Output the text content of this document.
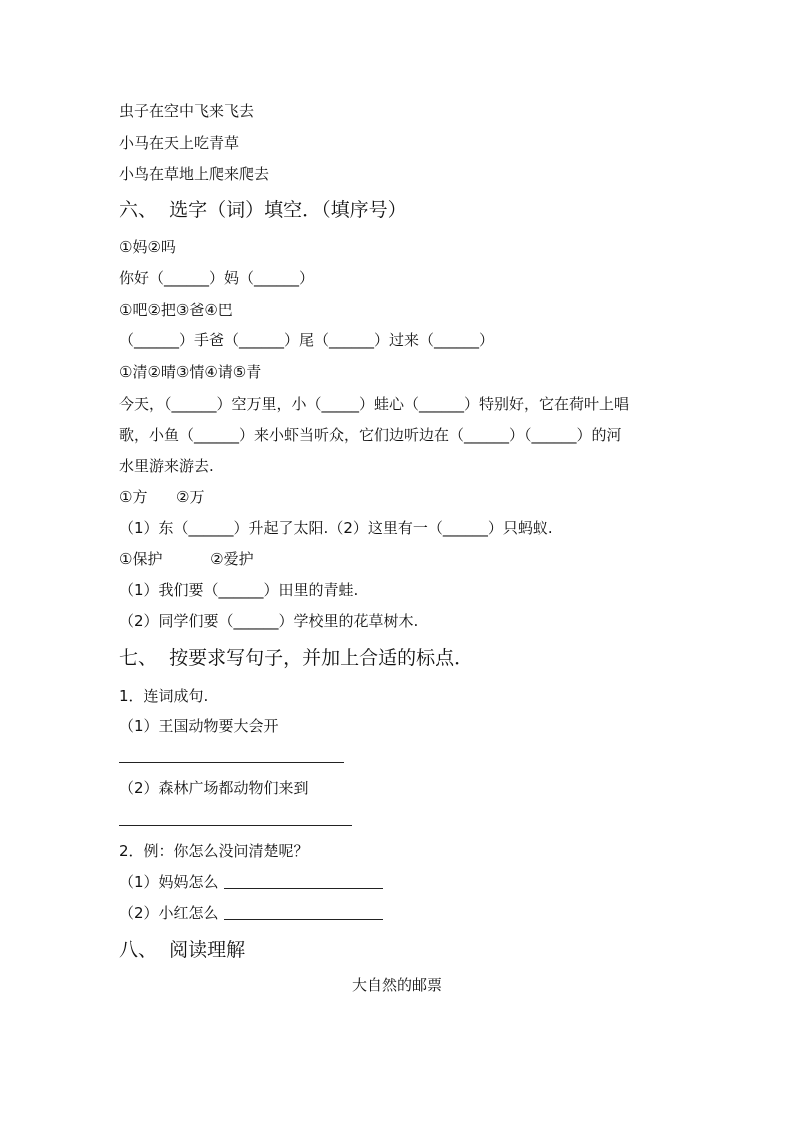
虫子在空中飞来飞去
小马在天上吃青草
小鸟在草地上爬来爬去
六、  选字（词）填空．（填序号）
①妈②吗
你好（______）妈（______）
①吧②把③爸④巴
（______）手爸（______）尾（______）过来（______）
①清②晴③情④请⑤青
今天，（______）空万里，小（_____）蛙心（______）特别好，它在荷叶上唱
歌，小鱼（______）来小虾当听众，它们边听边在（______）（______）的河
水里游来游去.
①方      ②万
（1）东（______）升起了太阳.（2）这里有一（______）只蚂蚁.
①保护          ②爱护
（1）我们要（______）田里的青蛙.
（2）同学们要（______）学校里的花草树木.
七、  按要求写句子，并加上合适的标点．
1．连词成句.
（1）王国动物要大会开
（2）森林广场都动物们来到
2．例：你怎么没问清楚呢？
（1）妈妈怎么
（2）小红怎么
八、  阅读理解
大自然的邮票
